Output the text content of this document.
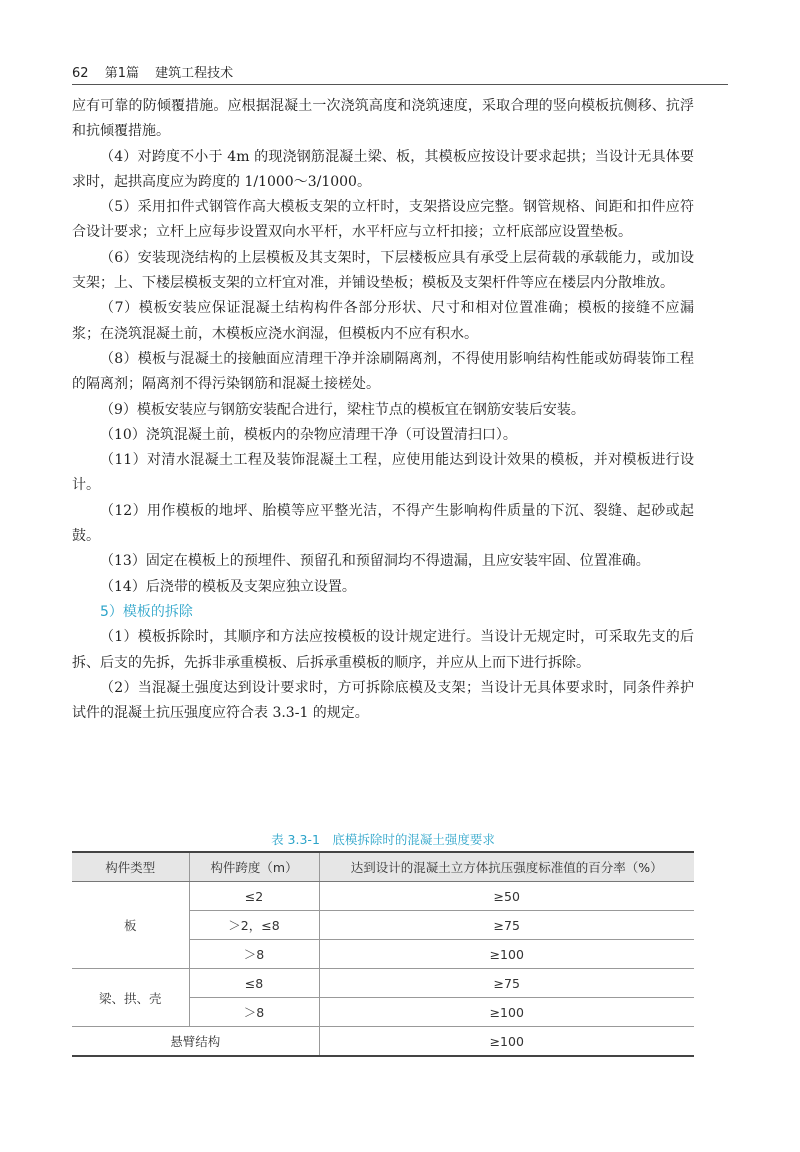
62 第1篇 建筑工程技术

应有可靠的防倾覆措施。应根据混凝土一次浇筑高度和浇筑速度，采取合理的竖向模板抗侧移、抗浮和抗倾覆措施。

（4）对跨度不小于 4m 的现浇钢筋混凝土梁、板，其模板应按设计要求起拱；当设计无具体要求时，起拱高度应为跨度的 1/1000～3/1000。

（5）采用扣件式钢管作高大模板支架的立杆时，支架搭设应完整。钢管规格、间距和扣件应符合设计要求；立杆上应每步设置双向水平杆，水平杆应与立杆扣接；立杆底部应设置垫板。

（6）安装现浇结构的上层模板及其支架时，下层楼板应具有承受上层荷载的承载能力，或加设支架；上、下楼层模板支架的立杆宜对准，并铺设垫板；模板及支架杆件等应在楼层内分散堆放。

（7）模板安装应保证混凝土结构构件各部分形状、尺寸和相对位置准确；模板的接缝不应漏浆；在浇筑混凝土前，木模板应浇水润湿，但模板内不应有积水。

（8）模板与混凝土的接触面应清理干净并涂刷隔离剂，不得使用影响结构性能或妨碍装饰工程的隔离剂；隔离剂不得污染钢筋和混凝土接槎处。

（9）模板安装应与钢筋安装配合进行，梁柱节点的模板宜在钢筋安装后安装。

（10）浇筑混凝土前，模板内的杂物应清理干净（可设置清扫口）。

（11）对清水混凝土工程及装饰混凝土工程，应使用能达到设计效果的模板，并对模板进行设计。

（12）用作模板的地坪、胎模等应平整光洁，不得产生影响构件质量的下沉、裂缝、起砂或起鼓。

（13）固定在模板上的预埋件、预留孔和预留洞均不得遗漏，且应安装牢固、位置准确。

（14）后浇带的模板及支架应独立设置。

5）模板的拆除

（1）模板拆除时，其顺序和方法应按模板的设计规定进行。当设计无规定时，可采取先支的后拆、后支的先拆，先拆非承重模板、后拆承重模板的顺序，并应从上而下进行拆除。

（2）当混凝土强度达到设计要求时，方可拆除底模及支架；当设计无具体要求时，同条件养护试件的混凝土抗压强度应符合表 3.3-1 的规定。

表 3.3-1　底模拆除时的混凝土强度要求
构件类型	构件跨度（m）	达到设计的混凝土立方体抗压强度标准值的百分率（%）
板	≤2	≥50
	＞2，≤8	≥75
	＞8	≥100
梁、拱、壳	≤8	≥75
	＞8	≥100
悬臂结构		≥100
